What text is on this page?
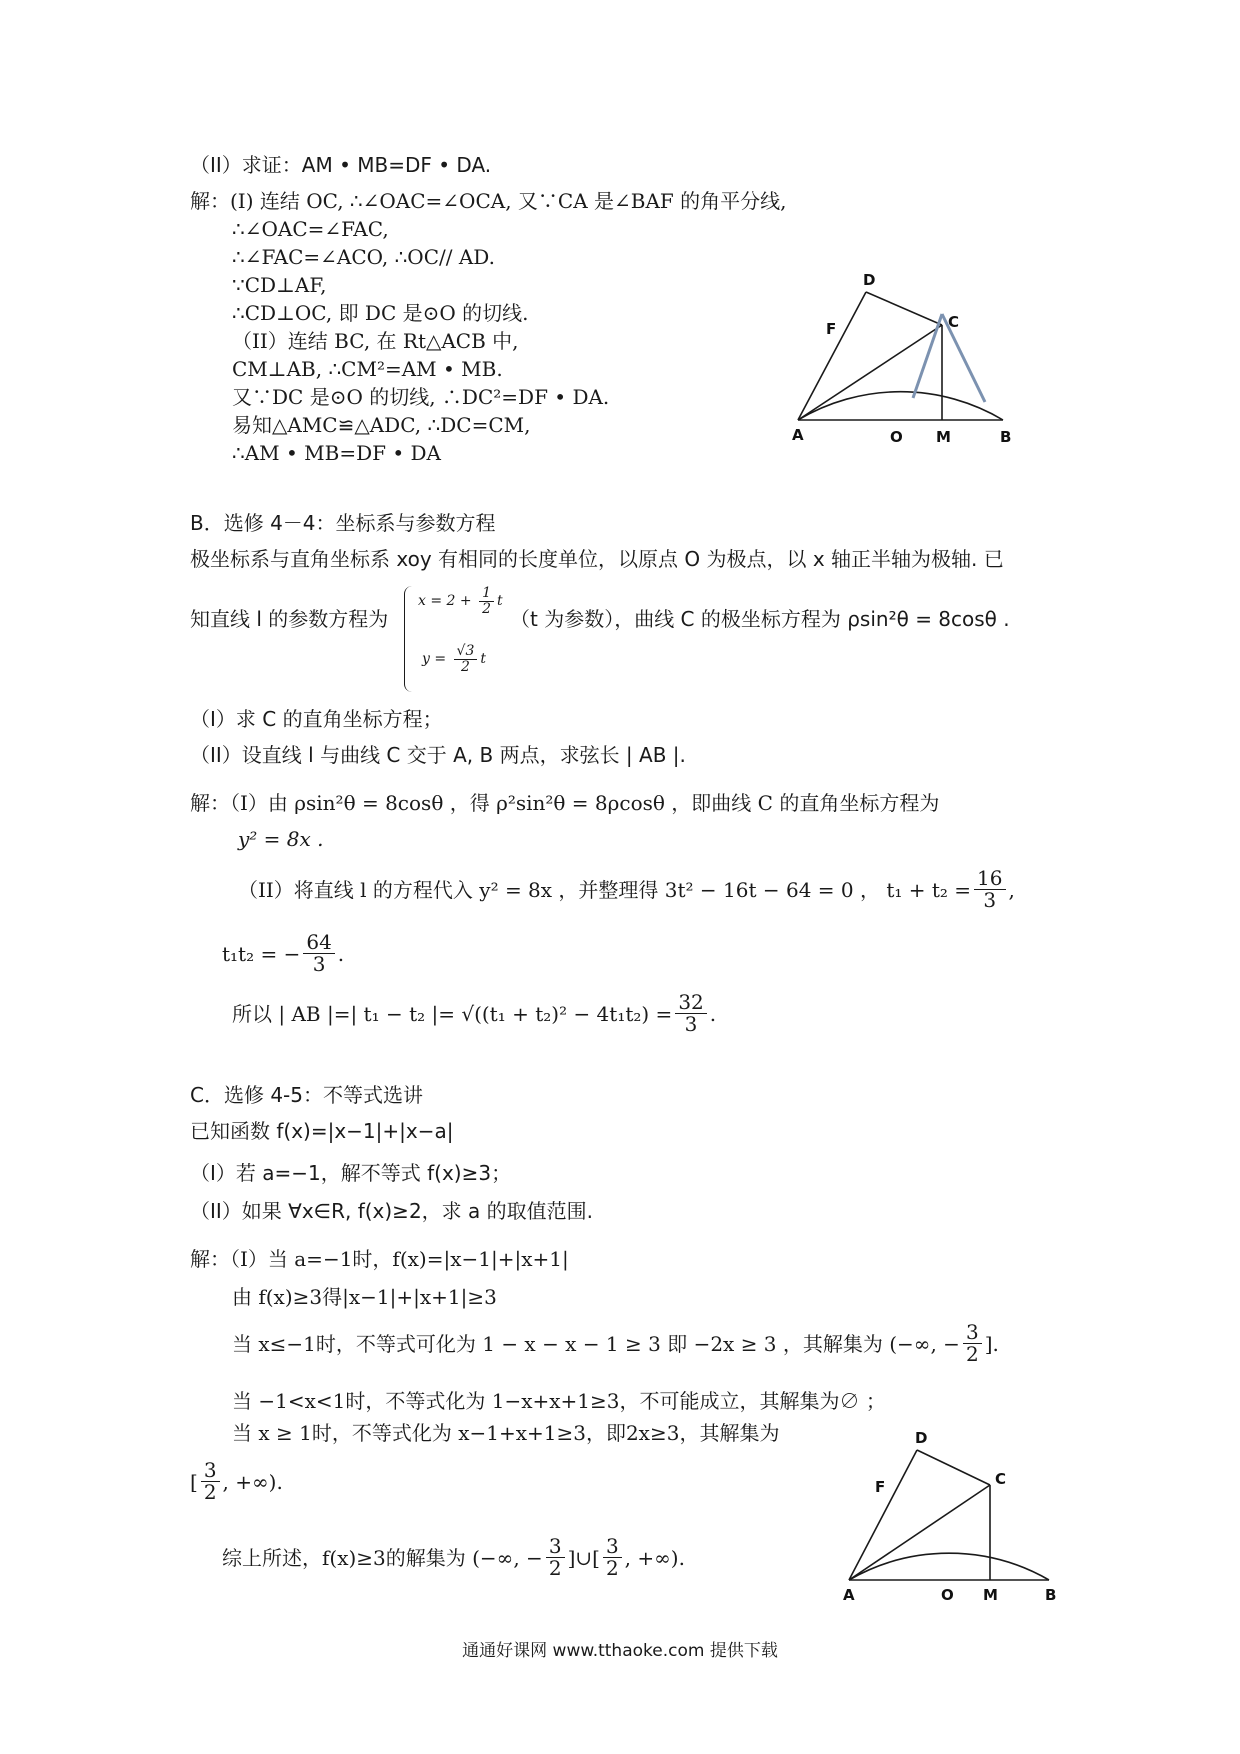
（II）求证：AM • MB=DF • DA.
解：(I) 连结 OC, ∴∠OAC=∠OCA, 又∵CA 是∠BAF 的角平分线,
∴∠OAC=∠FAC,
∴∠FAC=∠ACO, ∴OC// AD.
∵CD⊥AF,
∴CD⊥OC, 即 DC 是⊙O 的切线.
（II）连结 BC, 在 Rt△ACB 中,
CM⊥AB, ∴CM²=AM • MB.
又∵DC 是⊙O 的切线, ∴DC²=DF • DA.
易知△AMC≌△ADC, ∴DC=CM,
∴AM • MB=DF • DA
A	O M	B
C
D
F
B．选修 4－4：坐标系与参数方程
极坐标系与直角坐标系 xoy 有相同的长度单位，以原点 O 为极点，以 x 轴正半轴为极轴. 已
知直线 l 的参数方程为
$x = 2 + \frac{1}{2}$ t
$y = \frac{√3}{2}$ t
（t 为参数），曲线 C 的极坐标方程为 ρsin²θ = 8cosθ .
（I）求 C 的直角坐标方程；
（II）设直线 l 与曲线 C 交于 A, B 两点，求弦长 | AB |.
解：（I）由 ρsin²θ = 8cosθ ，得 ρ²sin²θ = 8ρcosθ ，即曲线 C 的直角坐标方程为
y² = 8x .
（II）将直线 l 的方程代入 y² = 8x ，并整理得 3t² − 16t − 64 = 0 ， $t_1 + t_2 = \frac{16}{3}$ ,
t₁t₂ = − $\frac{64}{3}$ .
所以 | AB |=| t₁ − t₂ |= $√((t_1 + t_2)^2 - 4t_1t_2) = \frac{32}{3}$ .
C．选修 4-5：不等式选讲
已知函数 f(x)=|x−1|+|x−a|
（I）若 a=−1，解不等式 f(x)≥3；
（II）如果 ∀x∈R, f(x)≥2，求 a 的取值范围.
解：（I）当 a=−1时，f(x)=|x−1|+|x+1|
由 f(x)≥3得|x−1|+|x+1|≥3
当 x≤−1时，不等式可化为 1 − x − x − 1 ≥ 3 即 −2x ≥ 3 ，其解集为 (−∞, − $\frac{3}{2}$ ].
当 −1<x<1时，不等式化为 1−x+x+1≥3，不可能成立，其解集为∅ ；
当 x ≥ 1时，不等式化为 x−1+x+1≥3，即2x≥3，其解集为
[ $\frac{3}{2}$ , +∞).
综上所述，f(x)≥3的解集为 (−∞, − $\frac{3}{2}$ ]∪[ $\frac{3}{2}$ , +∞).
A	O M	B
C
D
F
通通好课网 www.tthaoke.com 提供下载
